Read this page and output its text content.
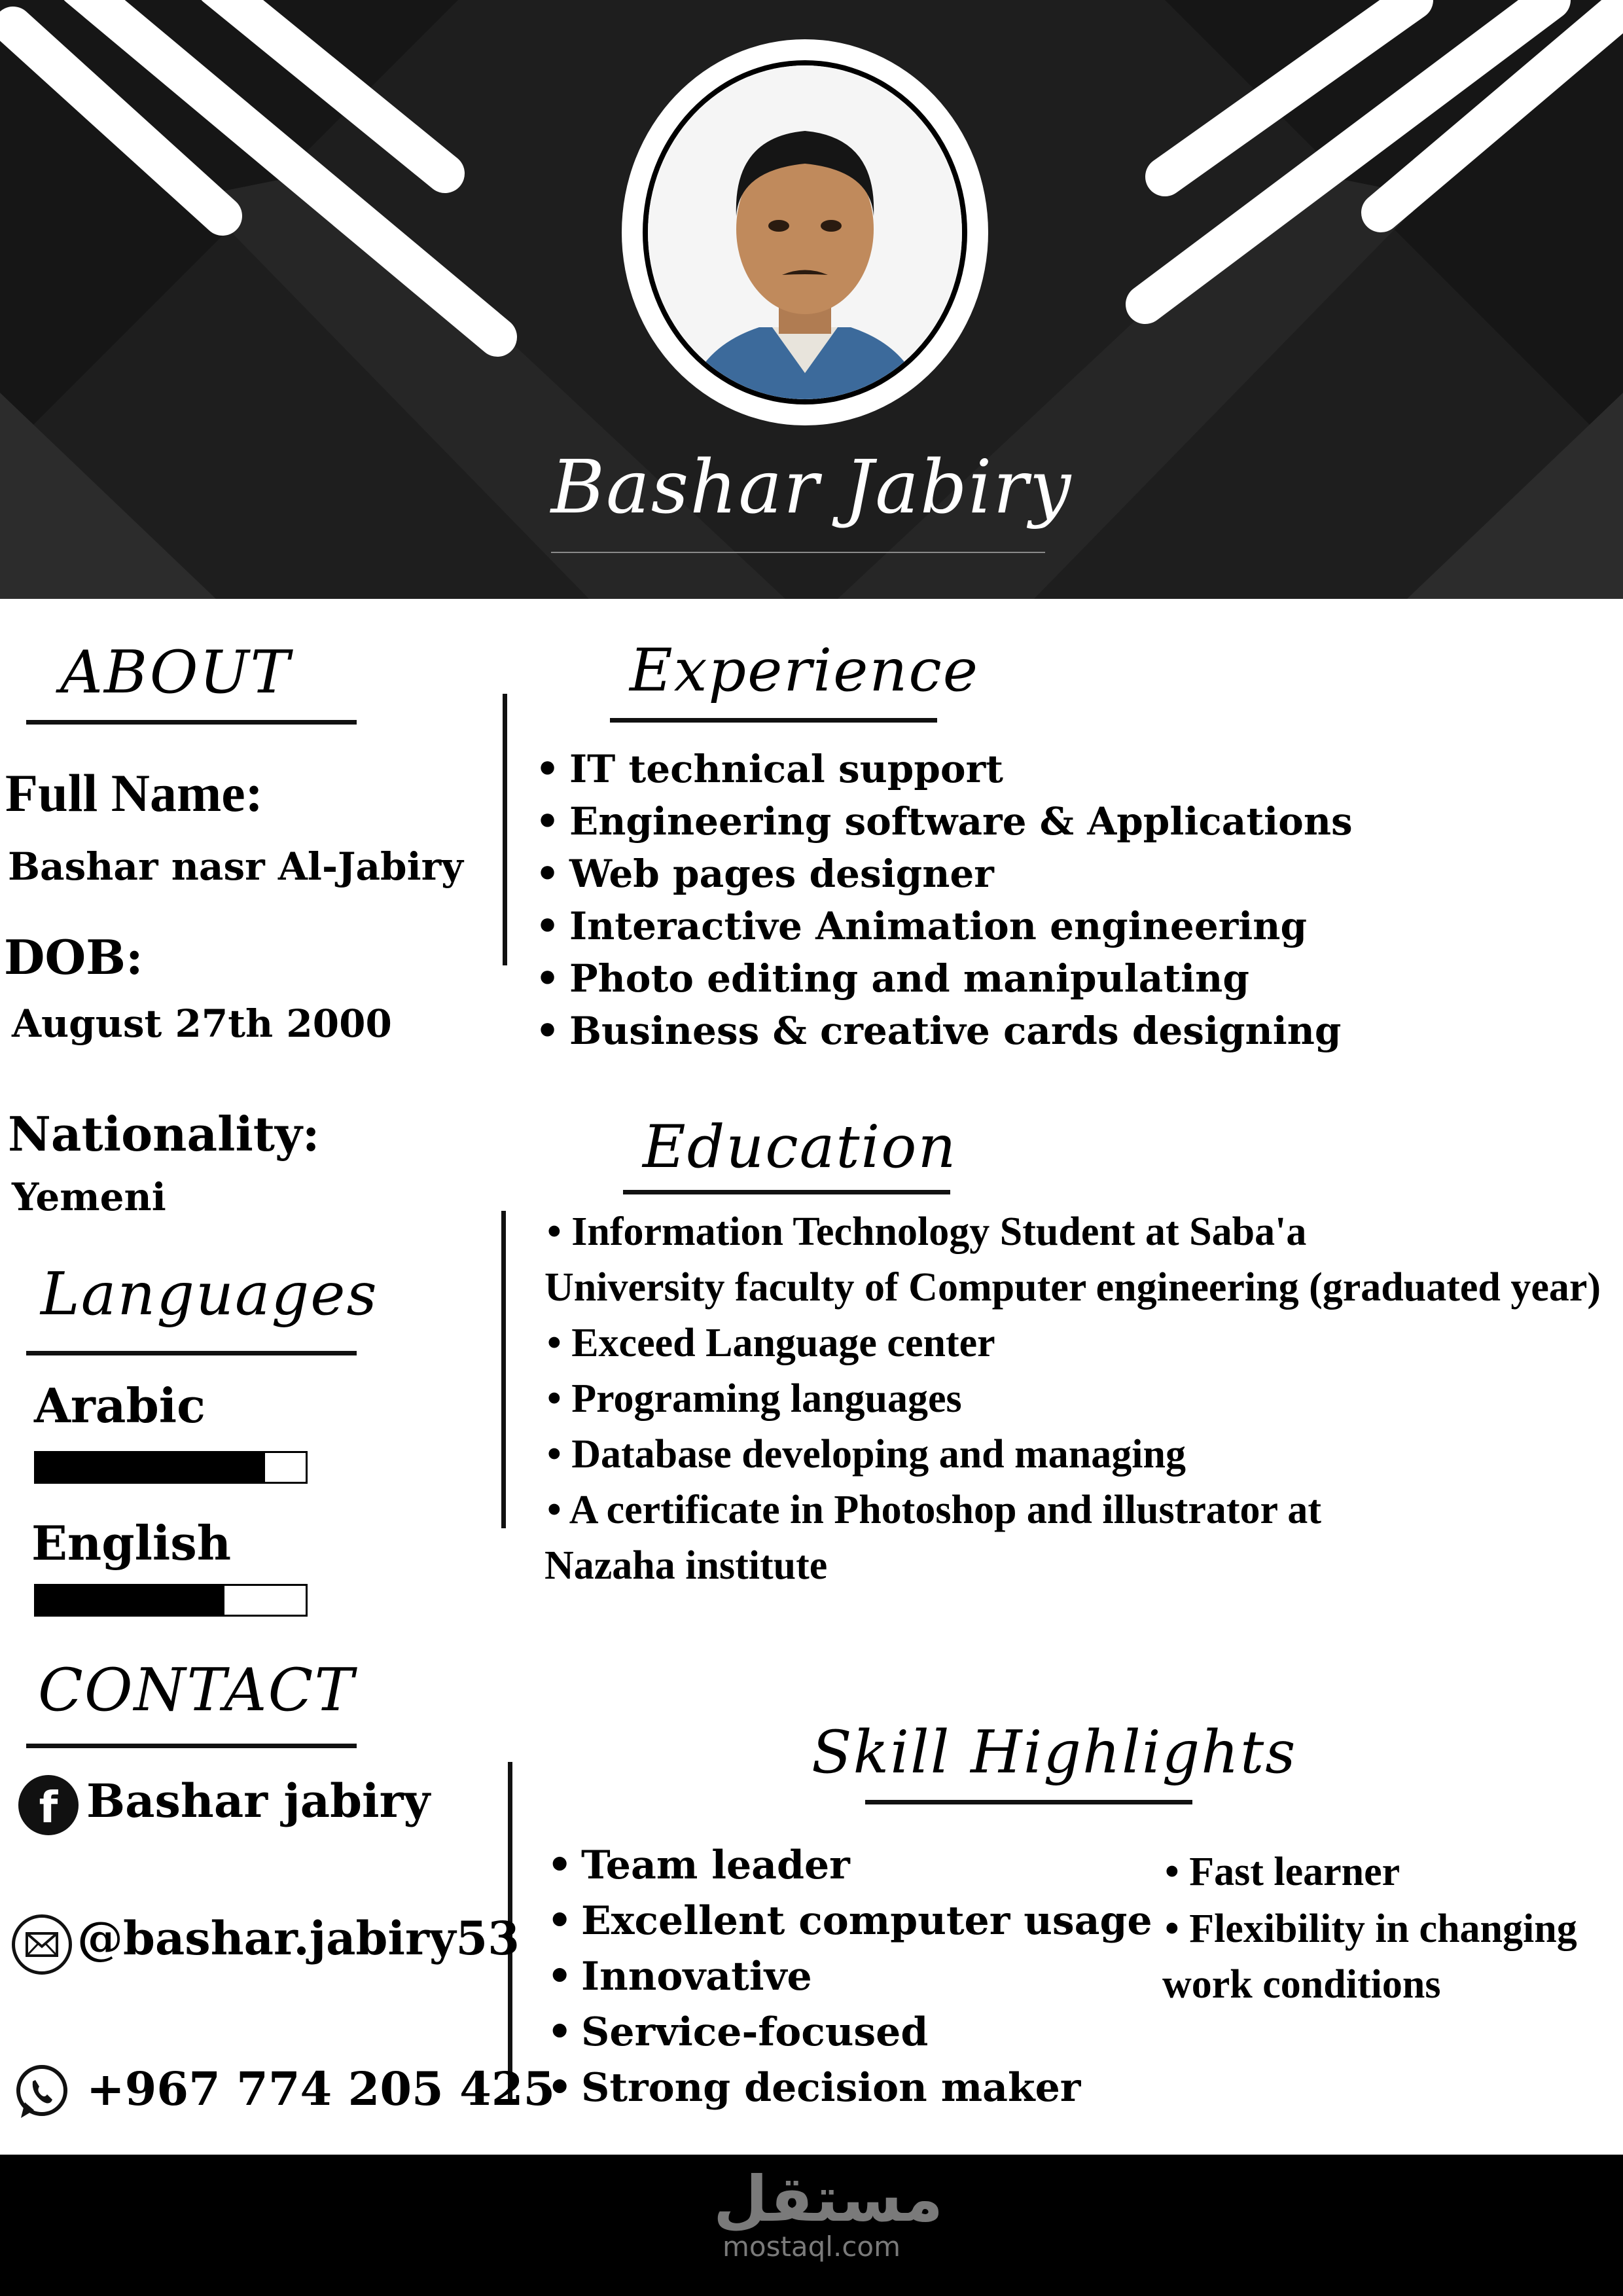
Bashar Jabiry
ABOUT
Full Name:
Bashar nasr Al-Jabiry
DOB:
August 27th 2000
Nationality:
Yemeni
Languages
Arabic
English
CONTACT
f Bashar jabiry
@bashar.jabiry53
+967 774 205 425
Experience
• IT technical support
• Engineering software & Applications
• Web pages designer
• Interactive Animation engineering
• Photo editing and manipulating
• Business & creative cards designing
Education
• Information Technology Student at Saba'a
University faculty of Computer engineering (graduated year)
• Exceed Language center
• Programing languages
• Database developing and managing
• A certificate in Photoshop and illustrator at
Nazaha institute
Skill Highlights
• Team leader
• Excellent computer usage
• Innovative
• Service-focused
• Strong decision maker
• Fast learner
• Flexibility in changing
work conditions
مستقل
mostaql.com
